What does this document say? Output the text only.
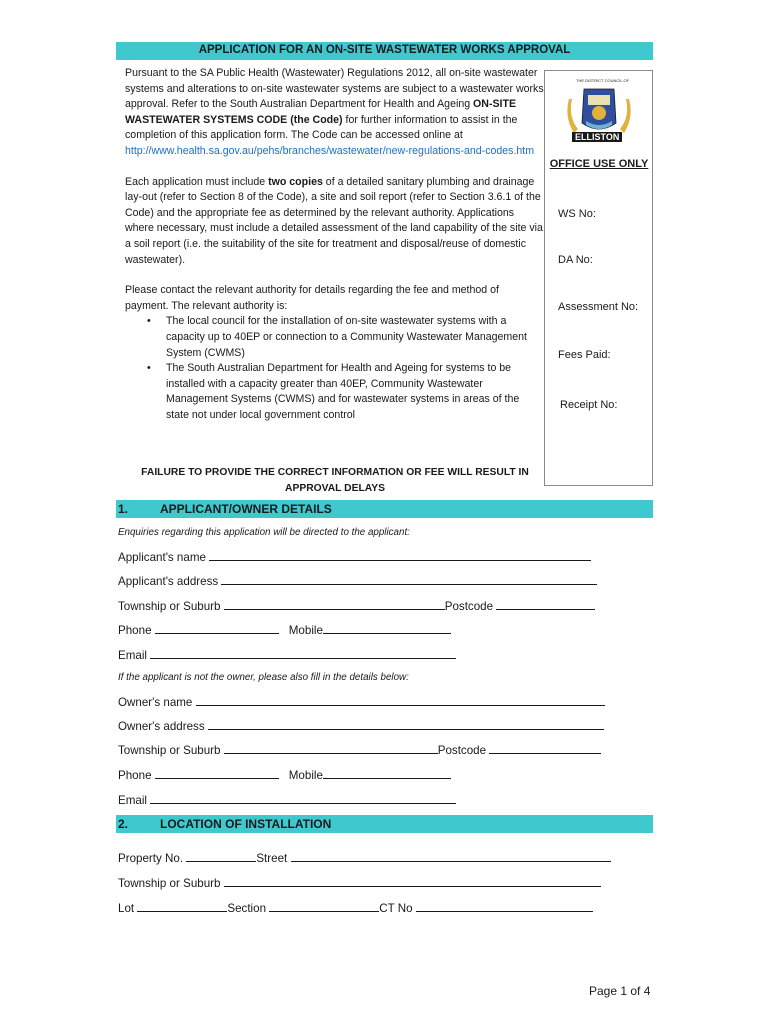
APPLICATION FOR AN ON-SITE WASTEWATER WORKS APPROVAL

Pursuant to the SA Public Health (Wastewater) Regulations 2012, all on-site wastewater systems and alterations to on-site wastewater systems are subject to a wastewater works approval. Refer to the South Australian Department for Health and Ageing ON-SITE WASTEWATER SYSTEMS CODE (the Code) for further information to assist in the completion of this application form. The Code can be accessed online at
http://www.health.sa.gov.au/pehs/branches/wastewater/new-regulations-and-codes.htm

Each application must include two copies of a detailed sanitary plumbing and drainage lay-out (refer to Section 8 of the Code), a site and soil report (refer to Section 3.6.1 of the Code) and the appropriate fee as determined by the relevant authority. Applications where necessary, must include a detailed assessment of the land capability of the site via a soil report (i.e. the suitability of the site for treatment and disposal/reuse of domestic wastewater).

Please contact the relevant authority for details regarding the fee and method of payment. The relevant authority is:

• The local council for the installation of on-site wastewater systems with a capacity up to 40EP or connection to a Community Wastewater Management System (CWMS)
• The South Australian Department for Health and Ageing for systems to be installed with a capacity greater than 40EP, Community Wastewater Management Systems (CWMS) and for wastewater systems in areas of the state not under local government control
FAILURE TO PROVIDE THE CORRECT INFORMATION OR FEE WILL RESULT IN APPROVAL DELAYS
THE DISTRICT COUNCIL OF
ELLISTON
OFFICE USE ONLY
WS No:
DA No:
Assessment No:
Fees Paid:
Receipt No:
1.	APPLICANT/OWNER DETAILS
Enquiries regarding this application will be directed to the applicant:
Applicant's name
Applicant's address
Township or Suburb	Postcode
Phone	Mobile
Email
If the applicant is not the owner, please also fill in the details below:
Owner's name
Owner's address
Township or Suburb	Postcode
Phone	Mobile
Email
2.	LOCATION OF INSTALLATION
Property No.	Street
Township or Suburb
Lot	Section	CT No
Page 1 of 4
